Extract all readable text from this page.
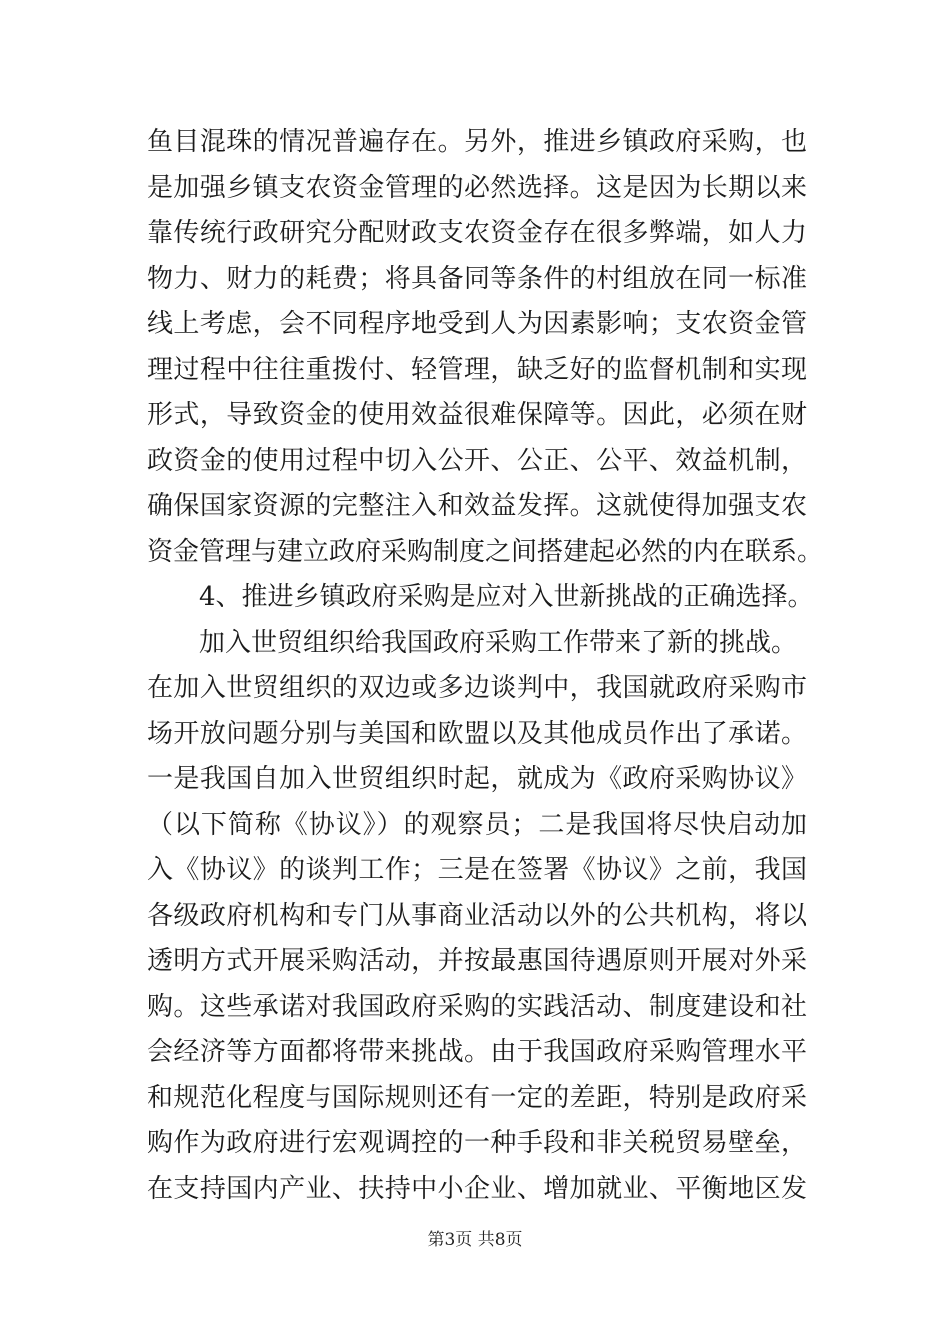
鱼目混珠的情况普遍存在。另外，推进乡镇政府采购，也
是加强乡镇支农资金管理的必然选择。这是因为长期以来
靠传统行政研究分配财政支农资金存在很多弊端，如人力
物力、财力的耗费；将具备同等条件的村组放在同一标准
线上考虑，会不同程序地受到人为因素影响；支农资金管
理过程中往往重拨付、轻管理，缺乏好的监督机制和实现
形式，导致资金的使用效益很难保障等。因此，必须在财
政资金的使用过程中切入公开、公正、公平、效益机制，
确保国家资源的完整注入和效益发挥。这就使得加强支农
资金管理与建立政府采购制度之间搭建起必然的内在联系。
4、推进乡镇政府采购是应对入世新挑战的正确选择。
加入世贸组织给我国政府采购工作带来了新的挑战。
在加入世贸组织的双边或多边谈判中，我国就政府采购市
场开放问题分别与美国和欧盟以及其他成员作出了承诺。
一是我国自加入世贸组织时起，就成为《政府采购协议》
（以下简称《协议》）的观察员；二是我国将尽快启动加
入《协议》的谈判工作；三是在签署《协议》之前，我国
各级政府机构和专门从事商业活动以外的公共机构，将以
透明方式开展采购活动，并按最惠国待遇原则开展对外采
购。这些承诺对我国政府采购的实践活动、制度建设和社
会经济等方面都将带来挑战。由于我国政府采购管理水平
和规范化程度与国际规则还有一定的差距，特别是政府采
购作为政府进行宏观调控的一种手段和非关税贸易壁垒，
在支持国内产业、扶持中小企业、增加就业、平衡地区发
第3页 共8页
